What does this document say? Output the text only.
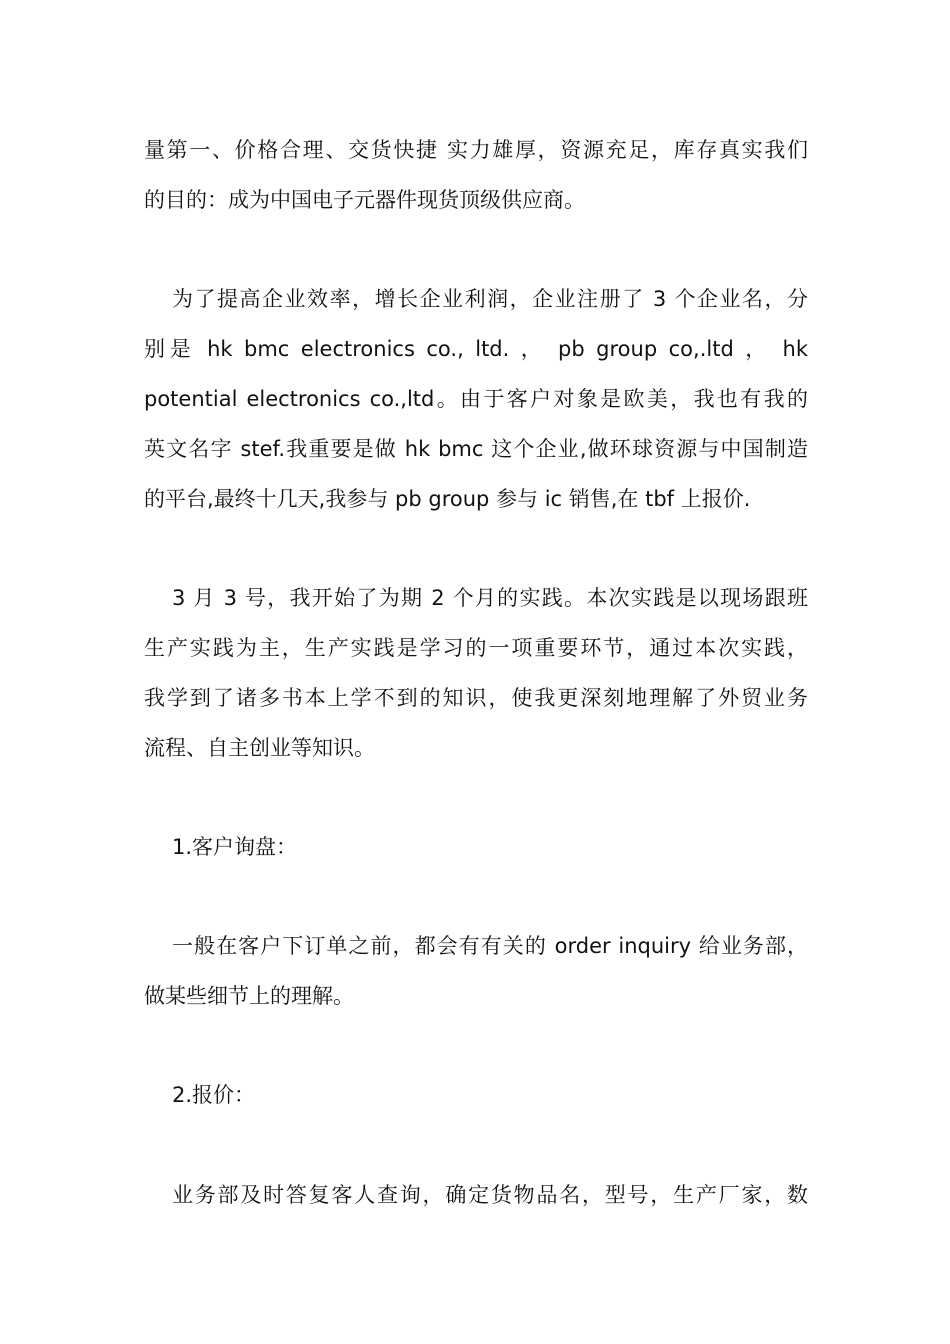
量第一、价格合理、交货快捷 实力雄厚，资源充足，库存真实我们
的目的：成为中国电子元器件现货顶级供应商。
为了提高企业效率，增长企业利润，企业注册了 3 个企业名，分
别是 hk bmc electronics co., ltd. ， pb group co,.ltd ， hk
potential electronics co.,ltd。由于客户对象是欧美，我也有我的
英文名字 stef.我重要是做 hk bmc 这个企业,做环球资源与中国制造
的平台,最终十几天,我参与 pb group 参与 ic 销售,在 tbf 上报价.
3 月 3 号，我开始了为期 2 个月的实践。本次实践是以现场跟班
生产实践为主，生产实践是学习的一项重要环节，通过本次实践，
我学到了诸多书本上学不到的知识，使我更深刻地理解了外贸业务
流程、自主创业等知识。
1.客户询盘：
一般在客户下订单之前，都会有有关的 order inquiry 给业务部，
做某些细节上的理解。
2.报价：
业务部及时答复客人查询，确定货物品名，型号，生产厂家，数
